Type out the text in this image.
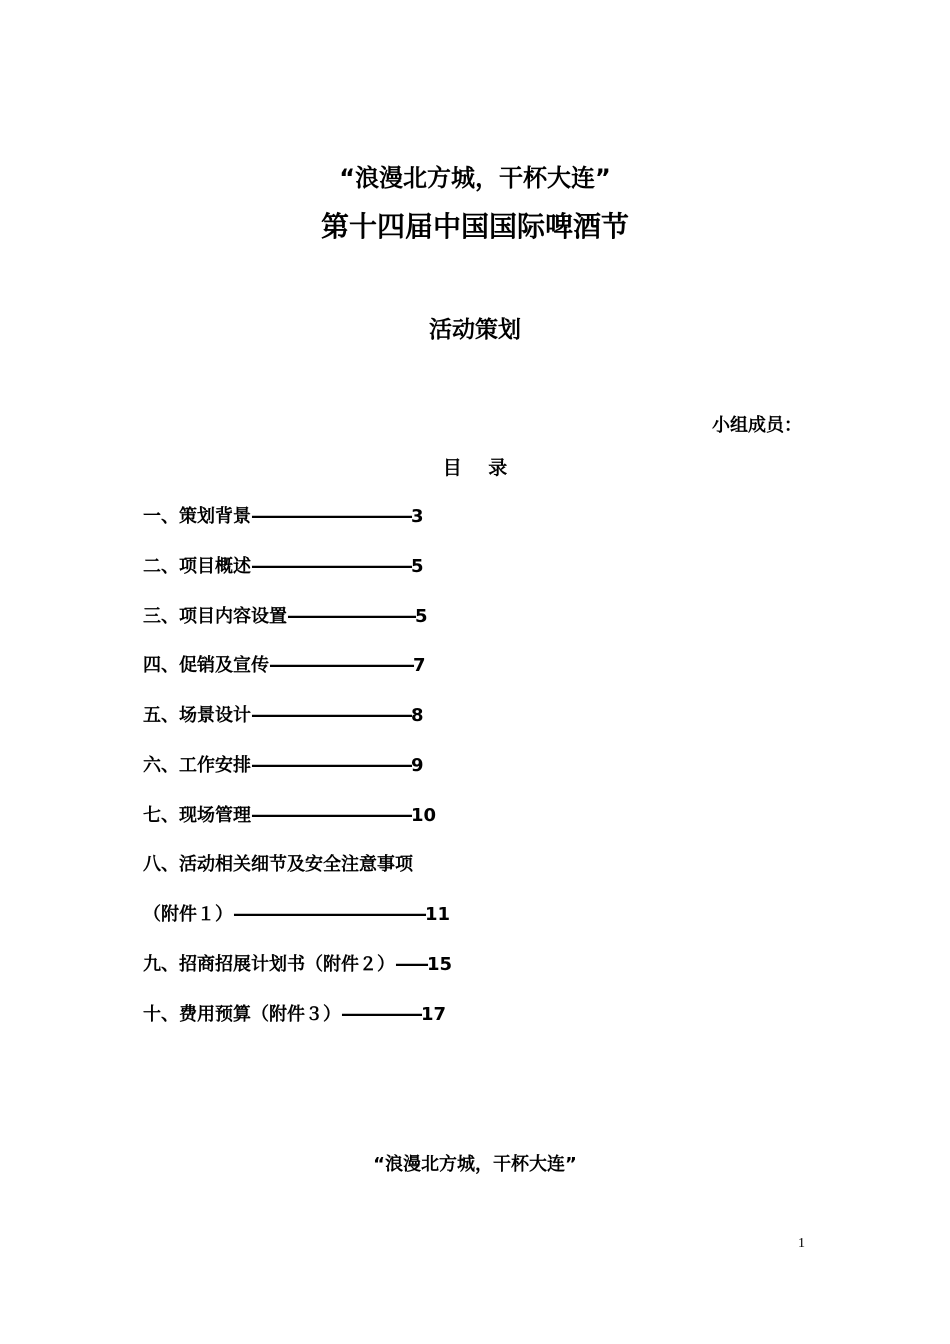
“浪漫北方城，干杯大连”
第十四届中国国际啤酒节
活动策划
小组成员：
目 录
一、策划背景——————————3
二、项目概述——————————5
三、项目内容设置————————5
四、促销及宣传—————————7
五、场景设计——————————8
六、工作安排——————————9
七、现场管理——————————10
八、活动相关细节及安全注意事项
（附件１）————————————11
九、招商招展计划书（附件２）——15
十、费用预算（附件３）—————17
“浪漫北方城，干杯大连”
1
